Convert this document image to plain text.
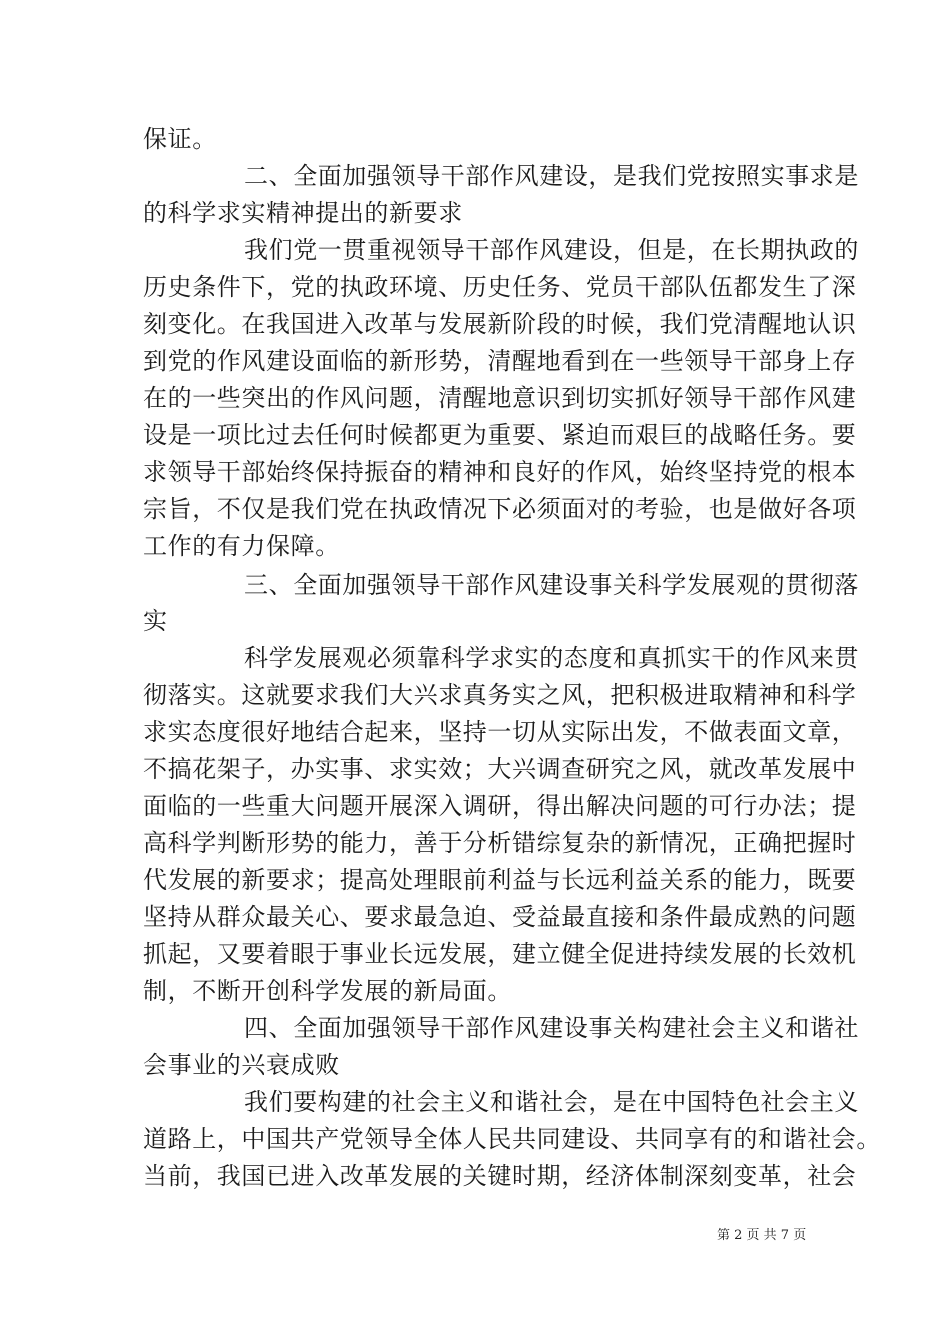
保证。
二、全面加强领导干部作风建设，是我们党按照实事求是
的科学求实精神提出的新要求
我们党一贯重视领导干部作风建设，但是，在长期执政的
历史条件下，党的执政环境、历史任务、党员干部队伍都发生了深
刻变化。在我国进入改革与发展新阶段的时候，我们党清醒地认识
到党的作风建设面临的新形势，清醒地看到在一些领导干部身上存
在的一些突出的作风问题，清醒地意识到切实抓好领导干部作风建
设是一项比过去任何时候都更为重要、紧迫而艰巨的战略任务。要
求领导干部始终保持振奋的精神和良好的作风，始终坚持党的根本
宗旨，不仅是我们党在执政情况下必须面对的考验，也是做好各项
工作的有力保障。
三、全面加强领导干部作风建设事关科学发展观的贯彻落
实
科学发展观必须靠科学求实的态度和真抓实干的作风来贯
彻落实。这就要求我们大兴求真务实之风，把积极进取精神和科学
求实态度很好地结合起来，坚持一切从实际出发，不做表面文章，
不搞花架子，办实事、求实效；大兴调查研究之风，就改革发展中
面临的一些重大问题开展深入调研，得出解决问题的可行办法；提
高科学判断形势的能力，善于分析错综复杂的新情况，正确把握时
代发展的新要求；提高处理眼前利益与长远利益关系的能力，既要
坚持从群众最关心、要求最急迫、受益最直接和条件最成熟的问题
抓起，又要着眼于事业长远发展，建立健全促进持续发展的长效机
制，不断开创科学发展的新局面。
四、全面加强领导干部作风建设事关构建社会主义和谐社
会事业的兴衰成败
我们要构建的社会主义和谐社会，是在中国特色社会主义
道路上，中国共产党领导全体人民共同建设、共同享有的和谐社会。
当前，我国已进入改革发展的关键时期，经济体制深刻变革，社会
第 2 页 共 7 页
